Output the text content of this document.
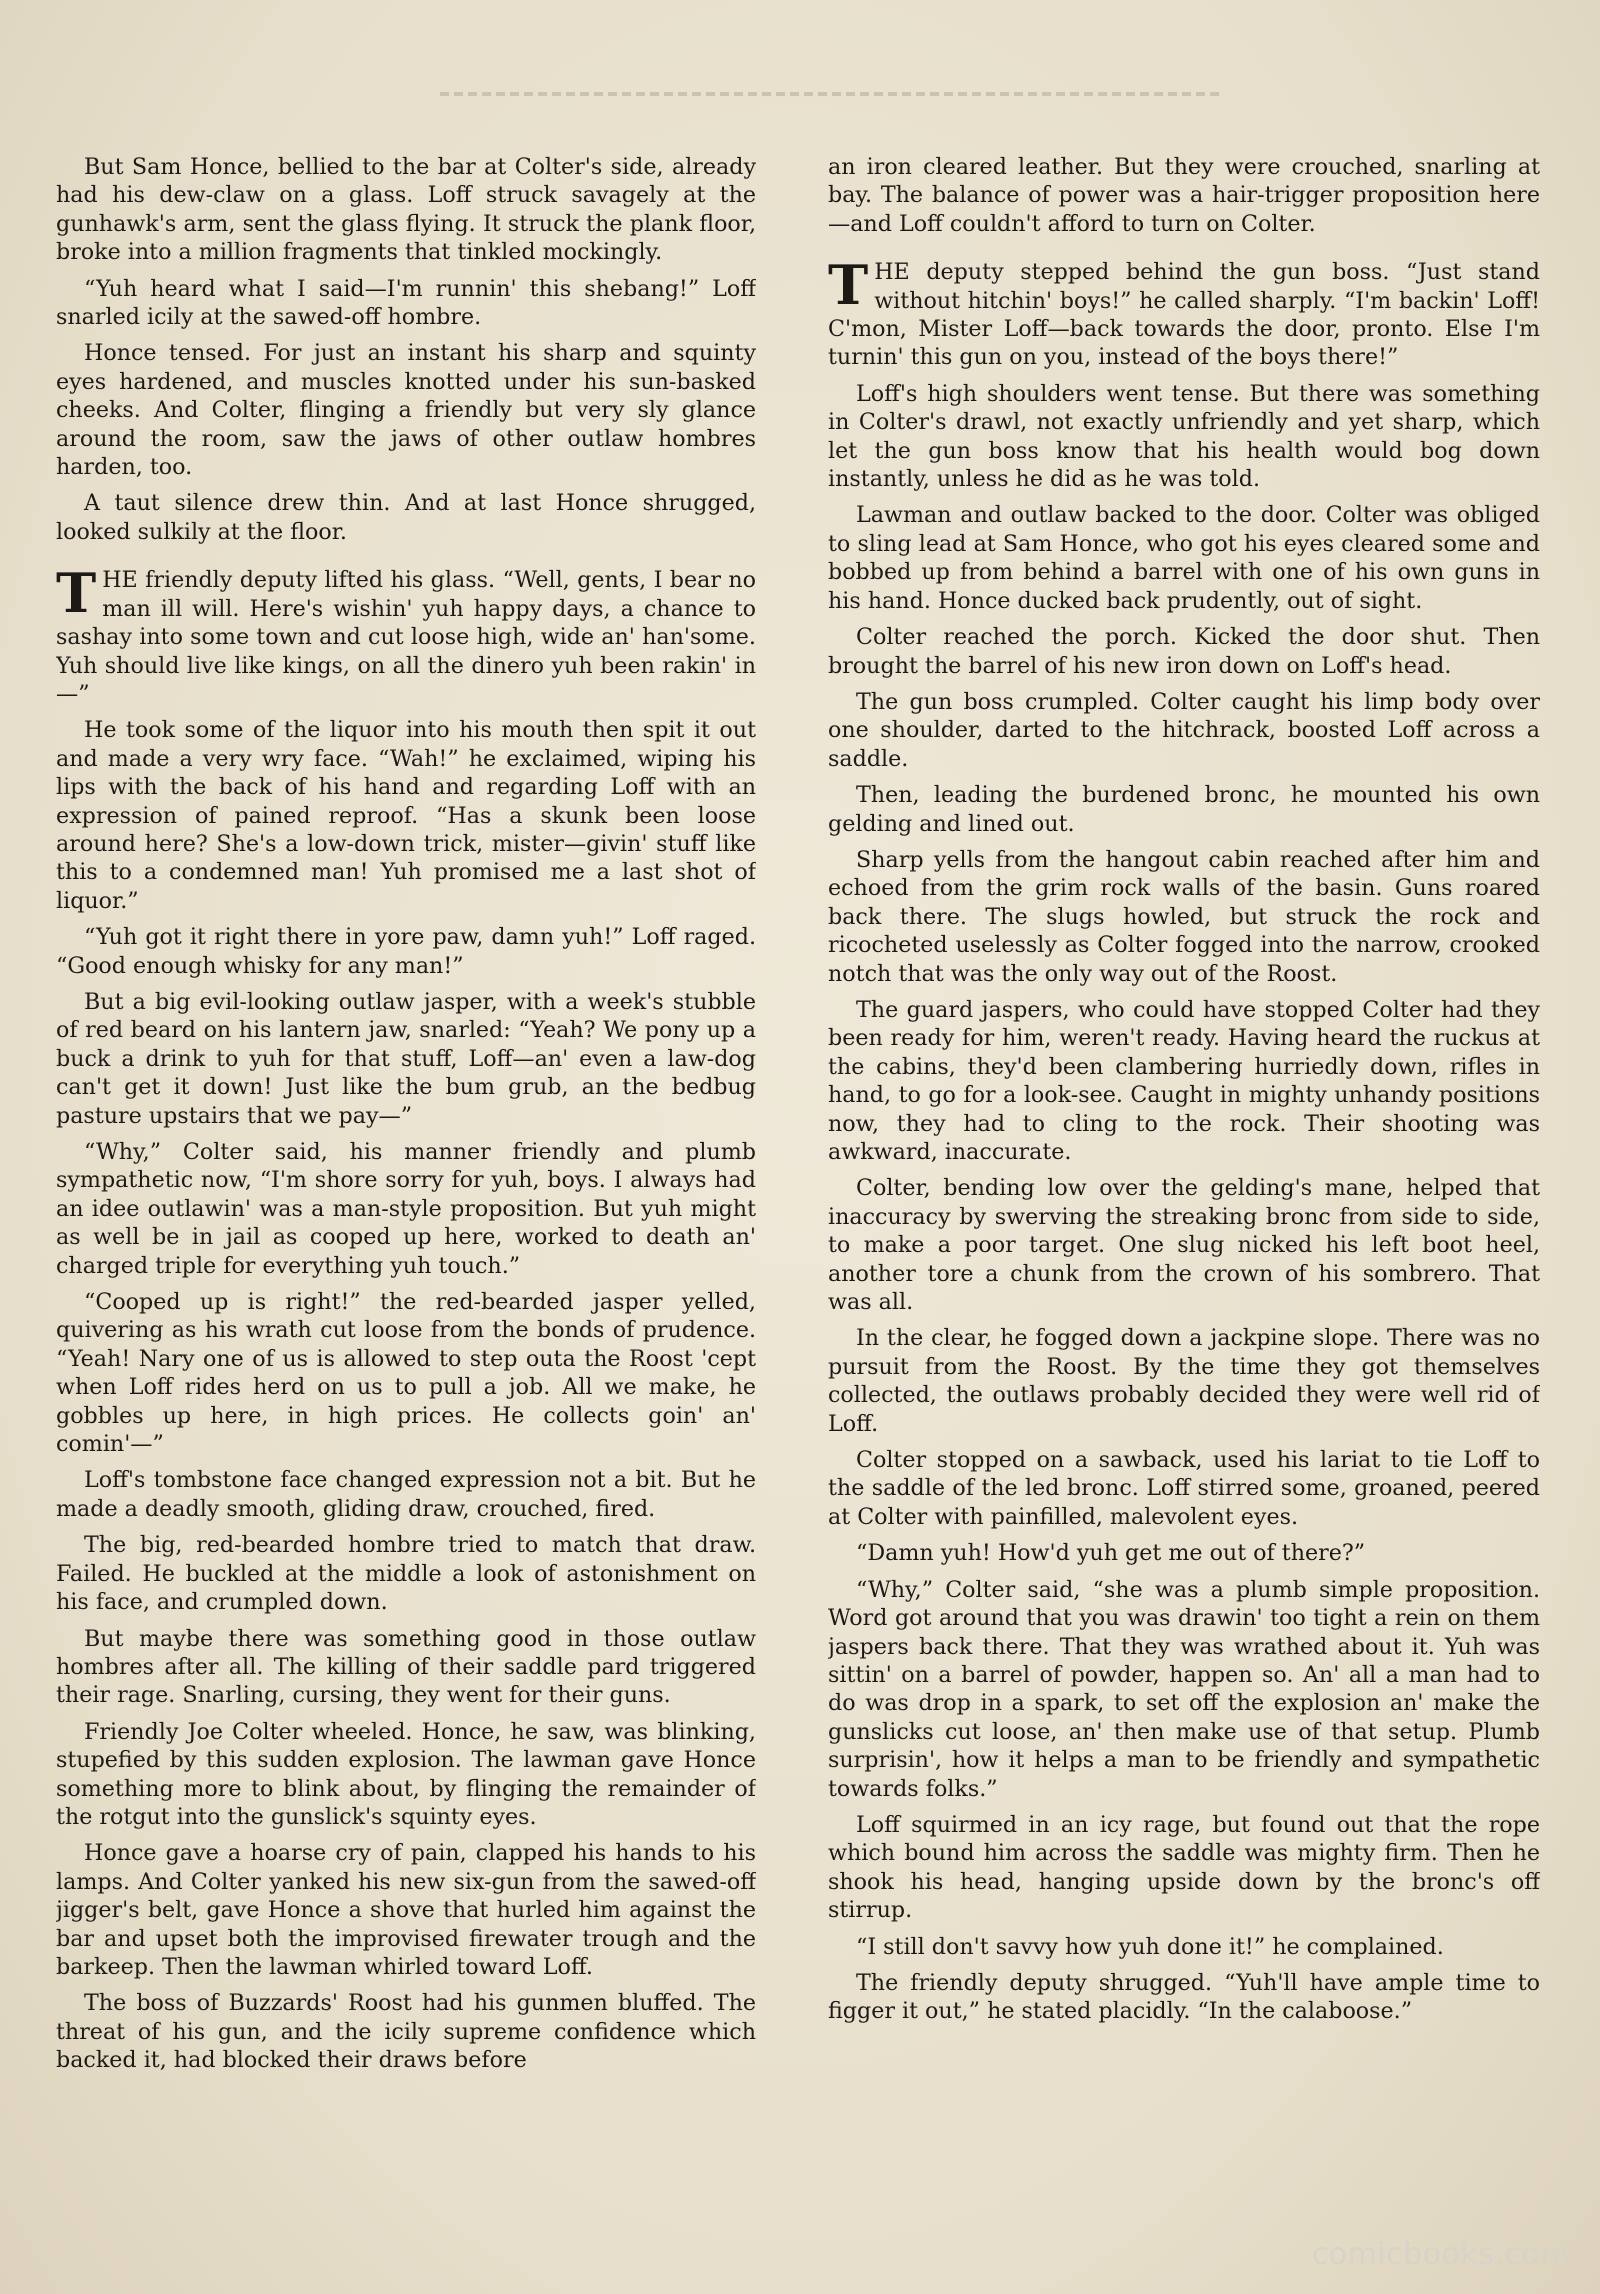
But Sam Honce, bellied to the bar at Colter's side, already had his dew-claw on a glass. Loff struck savagely at the gunhawk's arm, sent the glass flying. It struck the plank floor, broke into a million fragments that tinkled mockingly.

“Yuh heard what I said—I'm runnin' this shebang!” Loff snarled icily at the sawed-off hombre.

Honce tensed. For just an instant his sharp and squinty eyes hardened, and muscles knotted under his sun-basked cheeks. And Colter, flinging a friendly but very sly glance around the room, saw the jaws of other outlaw hombres harden, too.

A taut silence drew thin. And at last Honce shrugged, looked sulkily at the floor.

THE friendly deputy lifted his glass. “Well, gents, I bear no man ill will. Here's wishin' yuh happy days, a chance to sashay into some town and cut loose high, wide an' han'some. Yuh should live like kings, on all the dinero yuh been rakin' in—”

He took some of the liquor into his mouth then spit it out and made a very wry face. “Wah!” he exclaimed, wiping his lips with the back of his hand and regarding Loff with an expression of pained reproof. “Has a skunk been loose around here? She's a low-down trick, mister—givin' stuff like this to a condemned man! Yuh promised me a last shot of liquor.”

“Yuh got it right there in yore paw, damn yuh!” Loff raged. “Good enough whisky for any man!”

But a big evil-looking outlaw jasper, with a week's stubble of red beard on his lantern jaw, snarled: “Yeah? We pony up a buck a drink to yuh for that stuff, Loff—an' even a law-dog can't get it down! Just like the bum grub, an the bedbug pasture upstairs that we pay—”

“Why,” Colter said, his manner friendly and plumb sympathetic now, “I'm shore sorry for yuh, boys. I always had an idee outlawin' was a man-style proposition. But yuh might as well be in jail as cooped up here, worked to death an' charged triple for everything yuh touch.”

“Cooped up is right!” the red-bearded jasper yelled, quivering as his wrath cut loose from the bonds of prudence. “Yeah! Nary one of us is allowed to step outa the Roost 'cept when Loff rides herd on us to pull a job. All we make, he gobbles up here, in high prices. He collects goin' an' comin'—”

Loff's tombstone face changed expression not a bit. But he made a deadly smooth, gliding draw, crouched, fired.

The big, red-bearded hombre tried to match that draw. Failed. He buckled at the middle a look of astonishment on his face, and crumpled down.

But maybe there was something good in those outlaw hombres after all. The killing of their saddle pard triggered their rage. Snarling, cursing, they went for their guns.

Friendly Joe Colter wheeled. Honce, he saw, was blinking, stupefied by this sudden explosion. The lawman gave Honce something more to blink about, by flinging the remainder of the rotgut into the gunslick's squinty eyes.

Honce gave a hoarse cry of pain, clapped his hands to his lamps. And Colter yanked his new six-gun from the sawed-off jigger's belt, gave Honce a shove that hurled him against the bar and upset both the improvised firewater trough and the barkeep. Then the lawman whirled toward Loff.

The boss of Buzzards' Roost had his gunmen bluffed. The threat of his gun, and the icily supreme confidence which backed it, had blocked their draws before

an iron cleared leather. But they were crouched, snarling at bay. The balance of power was a hair-trigger proposition here—and Loff couldn't afford to turn on Colter.

THE deputy stepped behind the gun boss. “Just stand without hitchin' boys!” he called sharply. “I'm backin' Loff! C'mon, Mister Loff—back towards the door, pronto. Else I'm turnin' this gun on you, instead of the boys there!”

Loff's high shoulders went tense. But there was something in Colter's drawl, not exactly unfriendly and yet sharp, which let the gun boss know that his health would bog down instantly, unless he did as he was told.

Lawman and outlaw backed to the door. Colter was obliged to sling lead at Sam Honce, who got his eyes cleared some and bobbed up from behind a barrel with one of his own guns in his hand. Honce ducked back prudently, out of sight.

Colter reached the porch. Kicked the door shut. Then brought the barrel of his new iron down on Loff's head.

The gun boss crumpled. Colter caught his limp body over one shoulder, darted to the hitchrack, boosted Loff across a saddle.

Then, leading the burdened bronc, he mounted his own gelding and lined out.

Sharp yells from the hangout cabin reached after him and echoed from the grim rock walls of the basin. Guns roared back there. The slugs howled, but struck the rock and ricocheted uselessly as Colter fogged into the narrow, crooked notch that was the only way out of the Roost.

The guard jaspers, who could have stopped Colter had they been ready for him, weren't ready. Having heard the ruckus at the cabins, they'd been clambering hurriedly down, rifles in hand, to go for a look-see. Caught in mighty unhandy positions now, they had to cling to the rock. Their shooting was awkward, inaccurate.

Colter, bending low over the gelding's mane, helped that inaccuracy by swerving the streaking bronc from side to side, to make a poor target. One slug nicked his left boot heel, another tore a chunk from the crown of his sombrero. That was all.

In the clear, he fogged down a jackpine slope. There was no pursuit from the Roost. By the time they got themselves collected, the outlaws probably decided they were well rid of Loff.

Colter stopped on a sawback, used his lariat to tie Loff to the saddle of the led bronc. Loff stirred some, groaned, peered at Colter with painfilled, malevolent eyes.

“Damn yuh! How'd yuh get me out of there?”

“Why,” Colter said, “she was a plumb simple proposition. Word got around that you was drawin' too tight a rein on them jaspers back there. That they was wrathed about it. Yuh was sittin' on a barrel of powder, happen so. An' all a man had to do was drop in a spark, to set off the explosion an' make the gunslicks cut loose, an' then make use of that setup. Plumb surprisin', how it helps a man to be friendly and sympathetic towards folks.”

Loff squirmed in an icy rage, but found out that the rope which bound him across the saddle was mighty firm. Then he shook his head, hanging upside down by the bronc's off stirrup.

“I still don't savvy how yuh done it!” he complained.

The friendly deputy shrugged. “Yuh'll have ample time to figger it out,” he stated placidly. “In the calaboose.”

comicbooks.com
